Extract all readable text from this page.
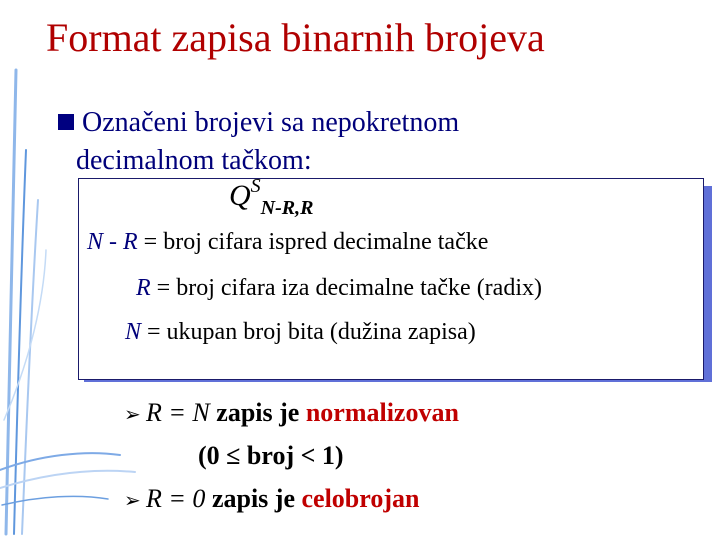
Format zapisa binarnih brojeva
Označeni brojevi sa nepokretnom
decimalnom tačkom:
$Q^S_{N-R,R}$
N - R = broj cifara ispred decimalne tačke
R = broj cifara iza decimalne tačke (radix)
N = ukupan broj bita (dužina zapisa)
➢ R = N zapis je normalizovan
(0 ≤ broj < 1)
➢ R = 0 zapis je celobrojan
